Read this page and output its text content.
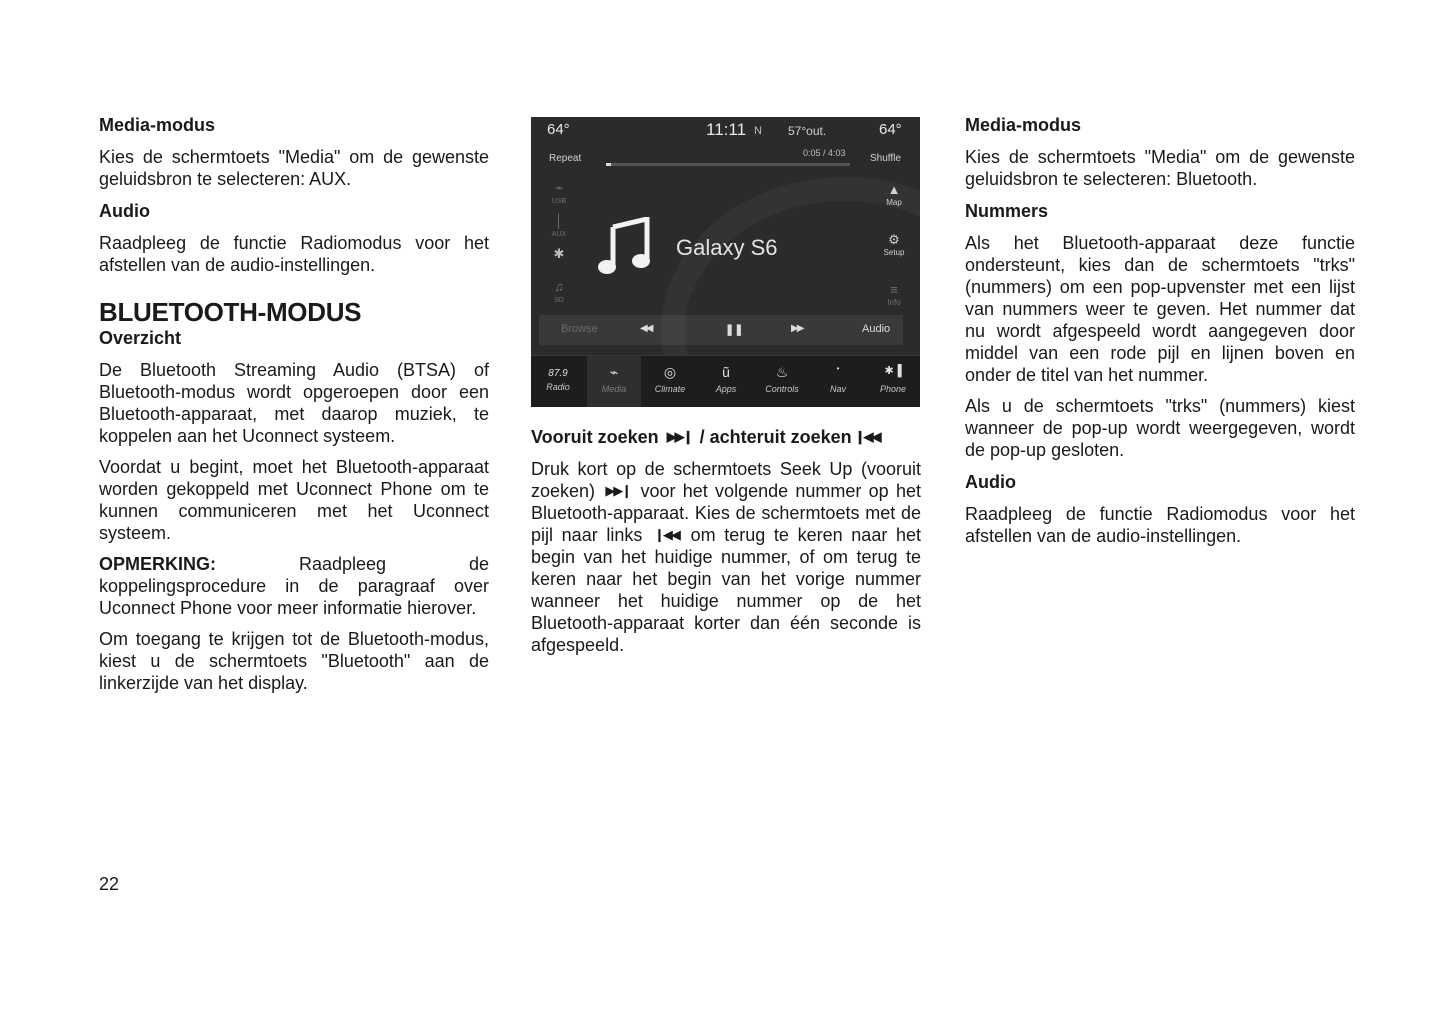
Media-modus

Kies de schermtoets "Media" om de gewenste geluidsbron te selecteren: AUX.

Audio

Raadpleeg de functie Radiomodus voor het afstellen van de audio-instellingen.

BLUETOOTH-MODUS
Overzicht

De Bluetooth Streaming Audio (BTSA) of Bluetooth-modus wordt opgeroepen door een Bluetooth-apparaat, met daarop muziek, te koppelen aan het Uconnect systeem.

Voordat u begint, moet het Bluetooth-apparaat worden gekoppeld met Uconnect Phone om te kunnen communiceren met het Uconnect systeem.

OPMERKING: Raadpleeg de koppelingsprocedure in de paragraaf over Uconnect Phone voor meer informatie hierover.

Om toegang te krijgen tot de Bluetooth-modus, kiest u de schermtoets "Bluetooth" aan de linkerzijde van het display.

64°	11:11 N 57°out.	64°
Repeat	0:05 / 4:03 Shuffle
⌁
USB
│
AUX
✱
♫
SD
▲
Map
⚙
Setup
≡
Info
Galaxy S6
Browse	◀◀	❚❚	▶▶	Audio
87.9
Radio
⌁
Media
◎
Climate
ũ
Apps
♨
Controls
•
Nav
✱▐
Phone
Vooruit zoeken ▶▶❙ / achteruit zoeken ❙◀◀

Druk kort op de schermtoets Seek Up (vooruit zoeken) ▶▶❙ voor het volgende nummer op het Bluetooth-apparaat. Kies de schermtoets met de pijl naar links ❙◀◀ om terug te keren naar het begin van het huidige nummer, of om terug te keren naar het begin van het vorige nummer wanneer het huidige nummer op de het Bluetooth-apparaat korter dan één seconde is afgespeeld.

Media-modus

Kies de schermtoets "Media" om de gewenste geluidsbron te selecteren: Bluetooth.

Nummers

Als het Bluetooth-apparaat deze functie ondersteunt, kies dan de schermtoets "trks" (nummers) om een pop-upvenster met een lijst van nummers weer te geven. Het nummer dat nu wordt afgespeeld wordt aangegeven door middel van een rode pijl en lijnen boven en onder de titel van het nummer.

Als u de schermtoets "trks" (nummers) kiest wanneer de pop-up wordt weergegeven, wordt de pop-up gesloten.

Audio

Raadpleeg de functie Radiomodus voor het afstellen van de audio-instellingen.

22
